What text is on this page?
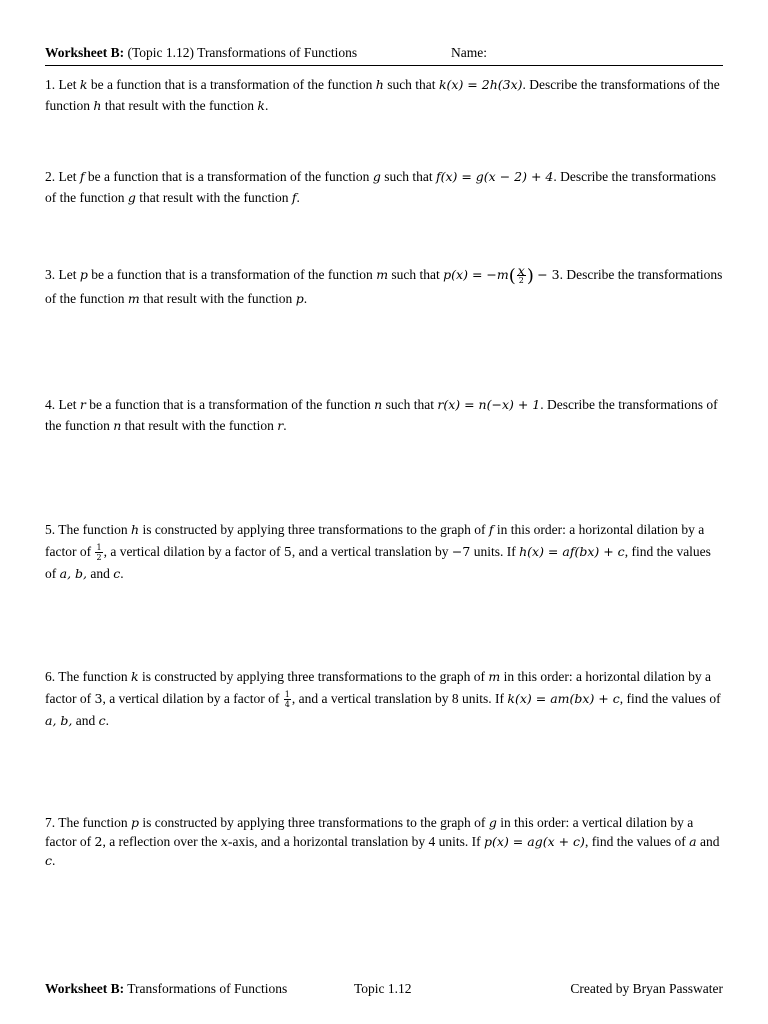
Worksheet B: (Topic 1.12) Transformations of Functions	Name:
1. Let k be a function that is a transformation of the function h such that k(x) = 2h(3x). Describe the transformations of the function h that result with the function k.
2. Let f be a function that is a transformation of the function g such that f(x) = g(x − 2) + 4. Describe the transformations of the function g that result with the function f.
3. Let p be a function that is a transformation of the function m such that $p(x) = -m( \frac{x}{2}$ ) − 3. Describe the transformations of the function m that result with the function p.
4. Let r be a function that is a transformation of the function n such that r(x) = n(−x) + 1. Describe the transformations of the function n that result with the function r.
5. The function h is constructed by applying three transformations to the graph of f in this order: a horizontal dilation by a factor of $\frac{1}{2}$ , a vertical dilation by a factor of 5, and a vertical translation by −7 units. If h(x) = af(bx) + c, find the values of a, b, and c.
6. The function k is constructed by applying three transformations to the graph of m in this order: a horizontal dilation by a factor of 3, a vertical dilation by a factor of $\frac{1}{4}$ , and a vertical translation by 8 units. If k(x) = am(bx) + c, find the values of a, b, and c.
7. The function p is constructed by applying three transformations to the graph of g in this order: a vertical dilation by a factor of 2, a reflection over the x-axis, and a horizontal translation by 4 units. If p(x) = ag(x + c), find the values of a and c.
Worksheet B: Transformations of Functions	Topic 1.12	Created by Bryan Passwater
